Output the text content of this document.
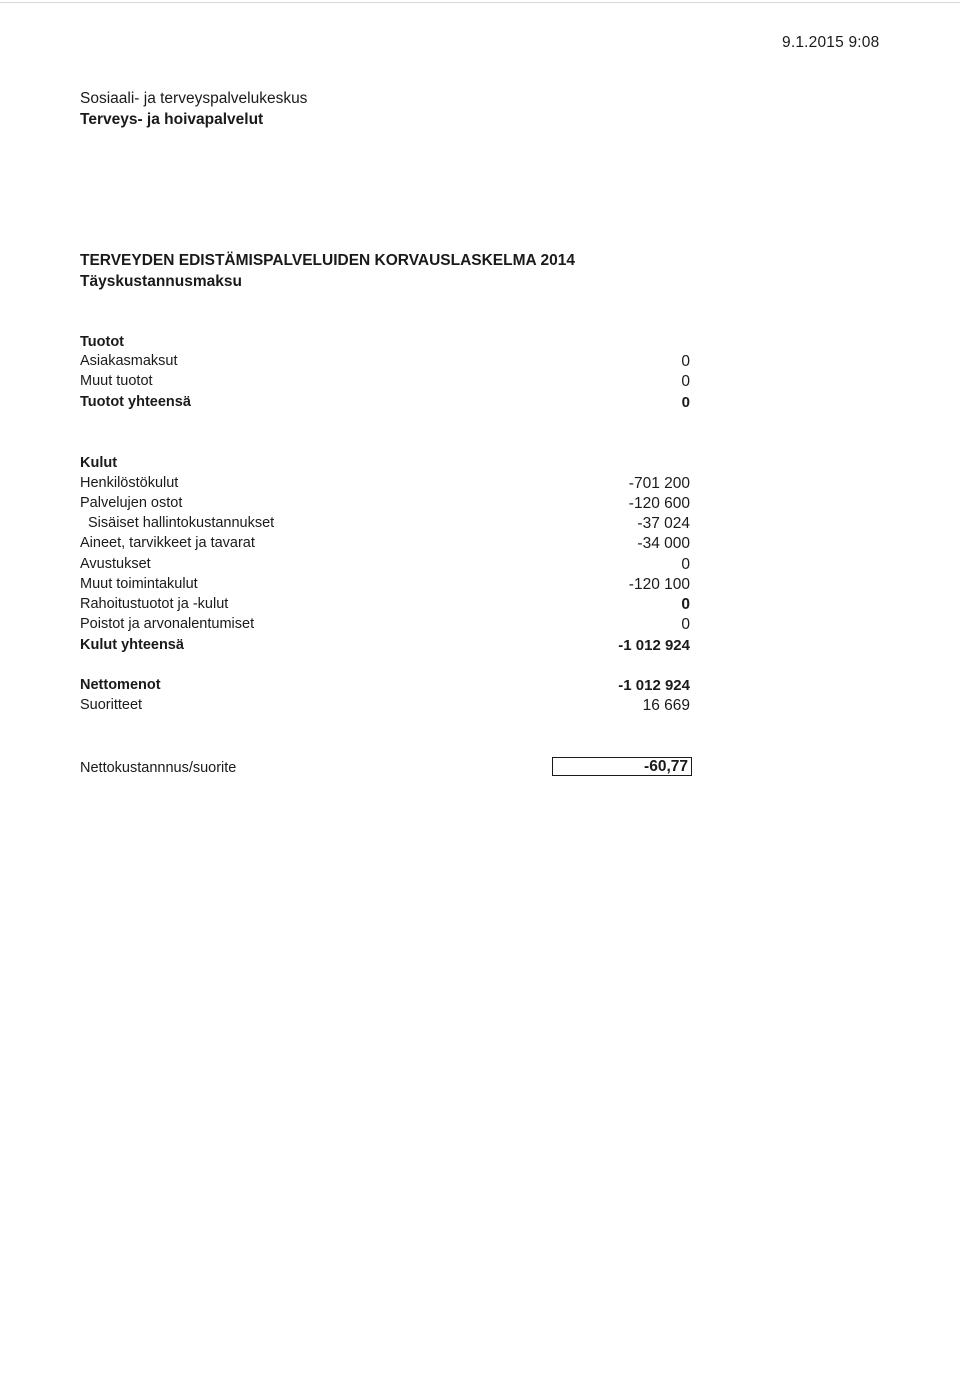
9.1.2015 9:08
Sosiaali- ja terveyspalvelukeskus
Terveys- ja hoivapalvelut
TERVEYDEN EDISTÄMISPALVELUIDEN KORVAUSLASKELMA 2014
Täyskustannusmaksu
Tuotot
Asiakasmaksut	0
Muut tuotot	0
Tuotot yhteensä	0
Kulut
Henkilöstökulut	-701 200
Palvelujen ostot	-120 600
Sisäiset hallintokustannukset	-37 024
Aineet, tarvikkeet ja tavarat	-34 000
Avustukset	0
Muut toimintakulut	-120 100
Rahoitustuotot ja -kulut	0
Poistot ja arvonalentumiset	0
Kulut yhteensä	-1 012 924
Nettomenot	-1 012 924
Suoritteet	16 669
Nettokustannnus/suorite	-60,77
